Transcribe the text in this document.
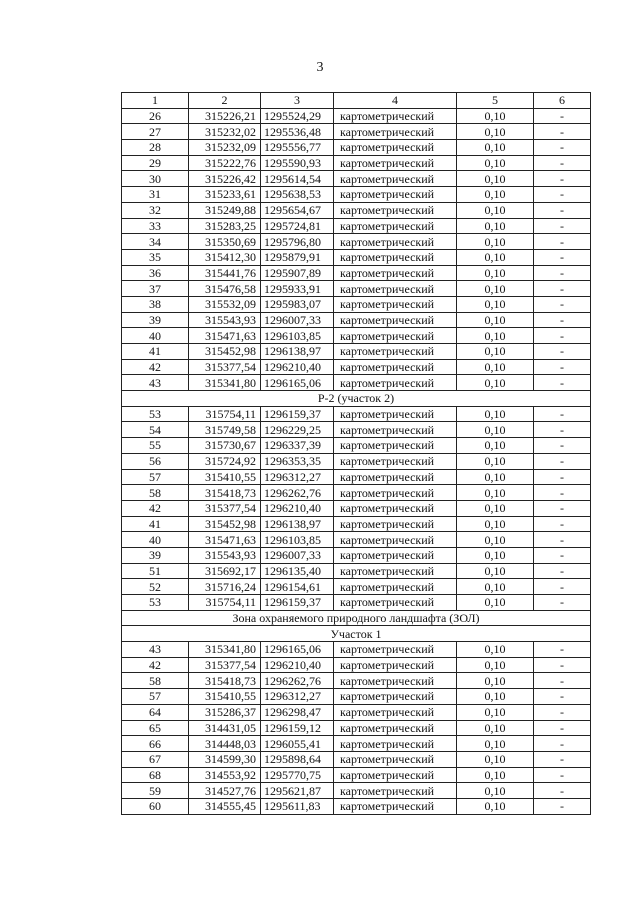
3
1	2	3	4	5	6
26	315226,21	1295524,29	картометрический	0,10	-
27	315232,02	1295536,48	картометрический	0,10	-
28	315232,09	1295556,77	картометрический	0,10	-
29	315222,76	1295590,93	картометрический	0,10	-
30	315226,42	1295614,54	картометрический	0,10	-
31	315233,61	1295638,53	картометрический	0,10	-
32	315249,88	1295654,67	картометрический	0,10	-
33	315283,25	1295724,81	картометрический	0,10	-
34	315350,69	1295796,80	картометрический	0,10	-
35	315412,30	1295879,91	картометрический	0,10	-
36	315441,76	1295907,89	картометрический	0,10	-
37	315476,58	1295933,91	картометрический	0,10	-
38	315532,09	1295983,07	картометрический	0,10	-
39	315543,93	1296007,33	картометрический	0,10	-
40	315471,63	1296103,85	картометрический	0,10	-
41	315452,98	1296138,97	картометрический	0,10	-
42	315377,54	1296210,40	картометрический	0,10	-
43	315341,80	1296165,06	картометрический	0,10	-
Р-2 (участок 2)					
53	315754,11	1296159,37	картометрический	0,10	-
54	315749,58	1296229,25	картометрический	0,10	-
55	315730,67	1296337,39	картометрический	0,10	-
56	315724,92	1296353,35	картометрический	0,10	-
57	315410,55	1296312,27	картометрический	0,10	-
58	315418,73	1296262,76	картометрический	0,10	-
42	315377,54	1296210,40	картометрический	0,10	-
41	315452,98	1296138,97	картометрический	0,10	-
40	315471,63	1296103,85	картометрический	0,10	-
39	315543,93	1296007,33	картометрический	0,10	-
51	315692,17	1296135,40	картометрический	0,10	-
52	315716,24	1296154,61	картометрический	0,10	-
53	315754,11	1296159,37	картометрический	0,10	-
Зона охраняемого природного ландшафта (ЗОЛ)					
Участок 1					
43	315341,80	1296165,06	картометрический	0,10	-
42	315377,54	1296210,40	картометрический	0,10	-
58	315418,73	1296262,76	картометрический	0,10	-
57	315410,55	1296312,27	картометрический	0,10	-
64	315286,37	1296298,47	картометрический	0,10	-
65	314431,05	1296159,12	картометрический	0,10	-
66	314448,03	1296055,41	картометрический	0,10	-
67	314599,30	1295898,64	картометрический	0,10	-
68	314553,92	1295770,75	картометрический	0,10	-
59	314527,76	1295621,87	картометрический	0,10	-
60	314555,45	1295611,83	картометрический	0,10	-
